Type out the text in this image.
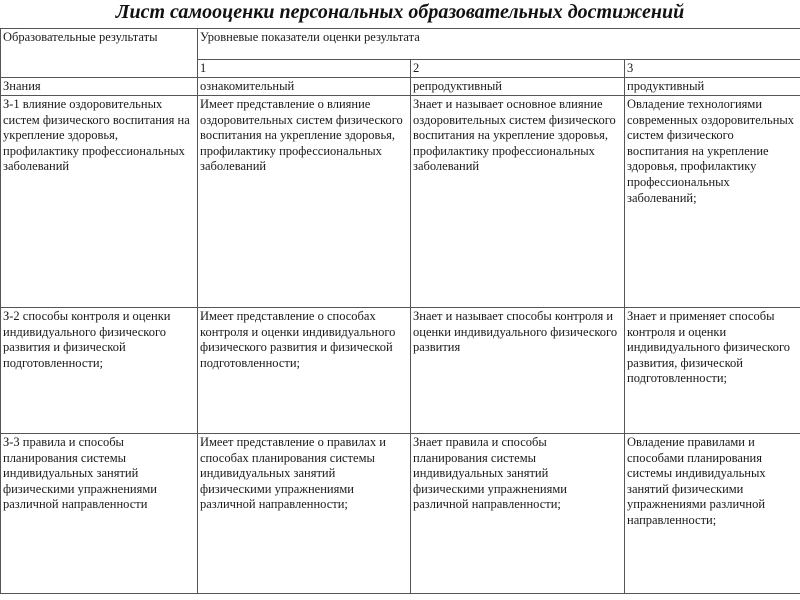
Лист самооценки персональных образовательных достижений
Образовательные результаты	Уровневые показатели оценки результата		
	1	2	3
Знания	ознакомительный	репродуктивный	продуктивный
З-1 влияние оздоровительных систем физического воспитания на укрепление здоровья, профилактику профессиональных заболеваний	Имеет представление о влияние оздоровительных систем физического воспитания на укрепление здоровья, профилактику профессиональных заболеваний	Знает и называет основное влияние оздоровительных систем физического воспитания на укрепление здоровья, профилактику профессиональных заболеваний	Овладение технологиями современных оздоровительных систем физического воспитания на укрепление здоровья, профилактику профессиональных заболеваний;
З-2 способы контроля и оценки индивидуального физического развития и физической подготовленности;	Имеет представление о способах контроля и оценки индивидуального физического развития и физической подготовленности;	Знает и называет способы контроля и оценки индивидуального физического развития	Знает и применяет способы контроля и оценки индивидуального физического развития, физической подготовленности;
З-3 правила и способы планирования системы индивидуальных занятий физическими упражнениями различной направленности	Имеет представление о правилах и способах планирования системы индивидуальных занятий физическими упражнениями различной направленности;	Знает правила и способы планирования системы индивидуальных занятий физическими упражнениями различной направленности;	Овладение правилами и способами планирования системы индивидуальных занятий физическими упражнениями различной направленности;
